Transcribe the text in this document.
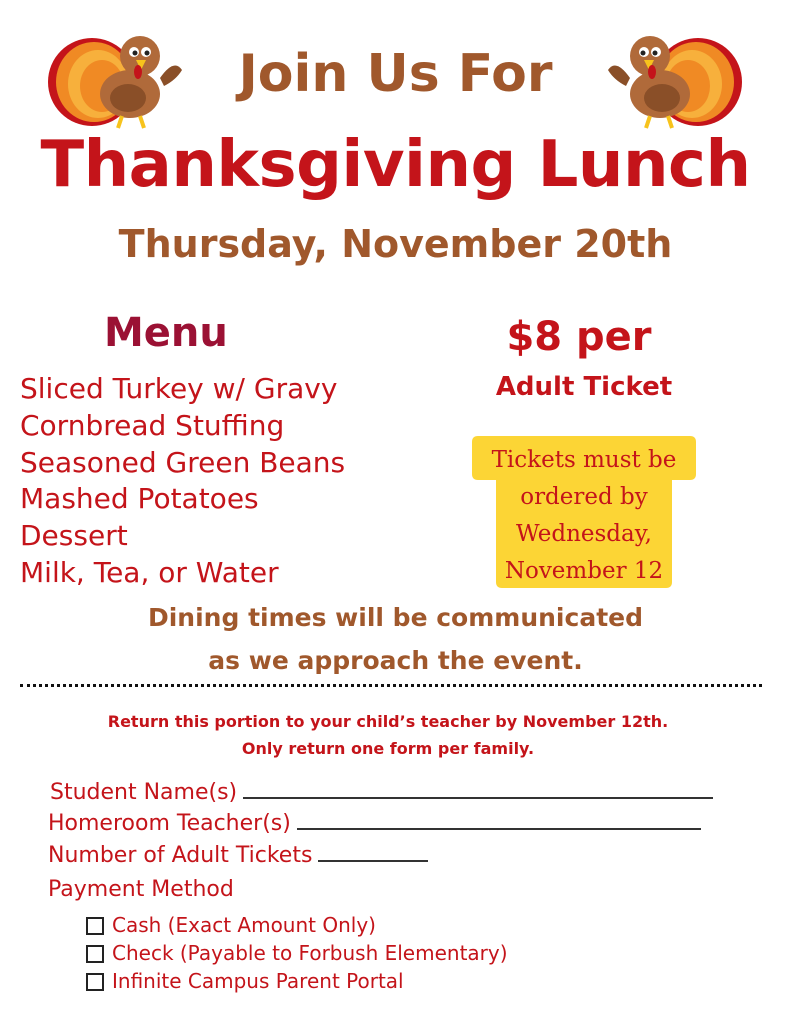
Join Us For
Thanksgiving Lunch
Thursday, November 20th
Menu
Sliced Turkey w/ Gravy
Cornbread Stuffing
Seasoned Green Beans
Mashed Potatoes
Dessert
Milk, Tea, or Water
$8 per
Adult Ticket
Tickets must be
ordered by
Wednesday,
November 12
Dining times will be communicated
as we approach the event.
Return this portion to your child’s teacher by November 12th.
Only return one form per family.
Student Name(s)
Homeroom Teacher(s)
Number of Adult Tickets
Payment Method
Cash (Exact Amount Only)
Check (Payable to Forbush Elementary)
Infinite Campus Parent Portal
